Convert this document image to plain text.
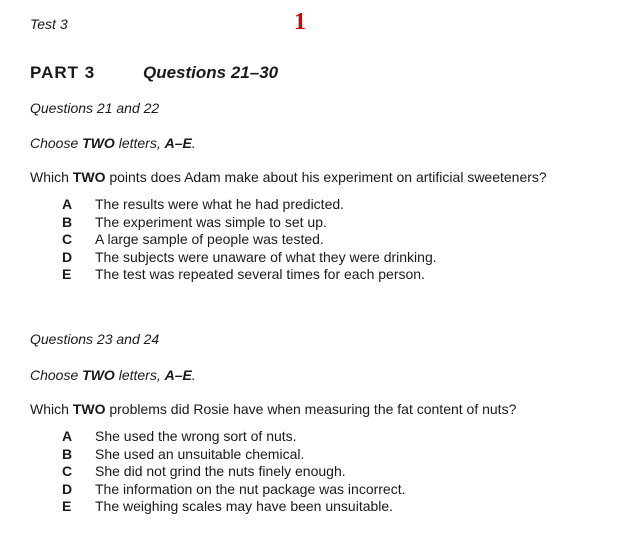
Test 3	1
PART 3	Questions 21–30
Questions 21 and 22
Choose TWO letters, A–E.
Which TWO points does Adam make about his experiment on artificial sweeteners?
A	The results were what he had predicted.
B	The experiment was simple to set up.
C	A large sample of people was tested.
D	The subjects were unaware of what they were drinking.
E	The test was repeated several times for each person.
Questions 23 and 24
Choose TWO letters, A–E.
Which TWO problems did Rosie have when measuring the fat content of nuts?
A	She used the wrong sort of nuts.
B	She used an unsuitable chemical.
C	She did not grind the nuts finely enough.
D	The information on the nut package was incorrect.
E	The weighing scales may have been unsuitable.
